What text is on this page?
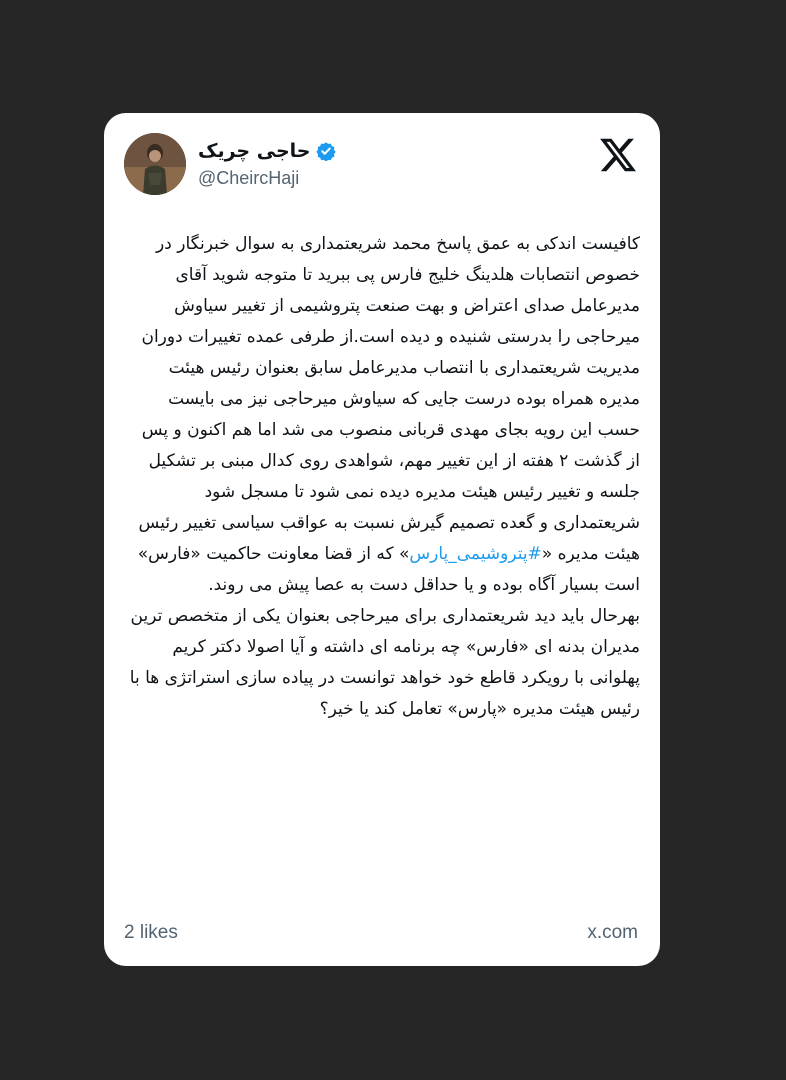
حاجی چریک
@CheircHaji

کافیست اندکی به عمق پاسخ محمد شریعتمداری به سوال خبرنگار در خصوص انتصابات هلدینگ خلیج فارس پی ببرید تا متوجه شوید آقای مدیرعامل صدای اعتراض و بهت صنعت پتروشیمی از تغییر سیاوش میرحاجی را بدرستی شنیده و دیده است.از طرفی عمده تغییرات دوران مدیریت شریعتمداری با انتصاب مدیرعامل سابق بعنوان رئیس هیئت مدیره همراه بوده درست جایی که سیاوش میرحاجی نیز می بایست حسب این رویه بجای مهدی قربانی منصوب می شد اما هم اکنون و پس از گذشت ۲ هفته از این تغییر مهم، شواهدی روی کدال مبنی بر تشکیل جلسه و تغییر رئیس هیئت مدیره دیده نمی شود تا مسجل شود شریعتمداری و گعده تصمیم گیرش نسبت به عواقب سیاسی تغییر رئیس هیئت مدیره «#پتروشیمی_پارس» که از قضا معاونت حاکمیت «فارس» است بسیار آگاه بوده و یا حداقل دست به عصا پیش می روند.

بهرحال باید دید شریعتمداری برای میرحاجی بعنوان یکی از متخصص ترین مدیران بدنه ای «فارس» چه برنامه ای داشته و آیا اصولا دکتر کریم پهلوانی با رویکرد قاطع خود خواهد توانست در پیاده سازی استراتژی ها با رئیس هیئت مدیره «پارس» تعامل کند یا خیر؟

2 likes	x.com
